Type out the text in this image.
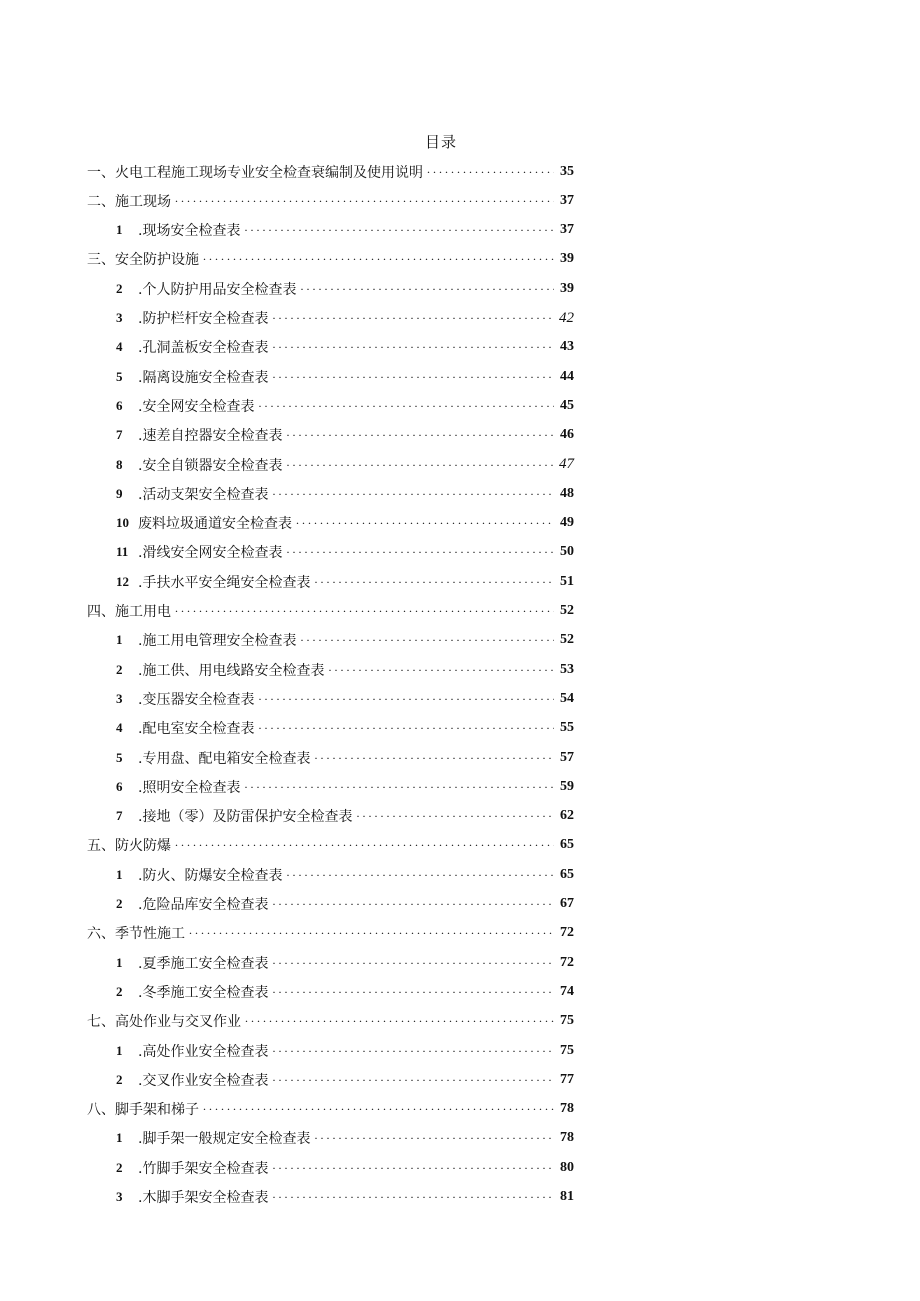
目录
一、火电工程施工现场专业安全检查衰编制及使用说明 . . .	35
二、施工现场 . . .	37
1	.现场安全检查表 . . .	37
三、安全防护设施 . . .	39
2	.个人防护用品安全检查表 . . .	39
3	.防护栏杆安全检查表 . . .	42
4	.孔洞盖板安全检查表 . . .	43
5	.隔离设施安全检查表 . . .	44
6	.安全网安全检查表 . . .	45
7	.速差自控器安全检查表 . . .	46
8	.安全自锁器安全检查表 . . .	47
9	.活动支架安全检查表 . . .	48
10 废料垃圾通道安全检查表 . . .	49
11 .滑线安全网安全检查表 . . .	50
12 .手扶水平安全绳安全检查表 . . .	51
四、施工用电 . . .	52
1	.施工用电管理安全检查表 . . .	52
2	.施工供、用电线路安全检查表 . . .	53
3	.变压器安全检查表 . . .	54
4	.配电室安全检查表 . . .	55
5	.专用盘、配电箱安全检查表 . . .	57
6	.照明安全检查表 . . .	59
7	.接地（零）及防雷保护安全检查表 . . .	62
五、防火防爆 . . .	65
1	.防火、防爆安全检查表 . . .	65
2	.危险品库安全检查表 . . .	67
六、季节性施工 . . .	72
1	.夏季施工安全检查表 . . .	72
2	.冬季施工安全检查表 . . .	74
七、高处作业与交叉作业 . . .	75
1	.高处作业安全检查表 . . .	75
2	.交叉作业安全检查表 . . .	77
八、脚手架和梯子 . . .	78
1	.脚手架一般规定安全检查表 . . .	78
2	.竹脚手架安全检查表 . . .	80
3	.木脚手架安全检查表 . . .	81
